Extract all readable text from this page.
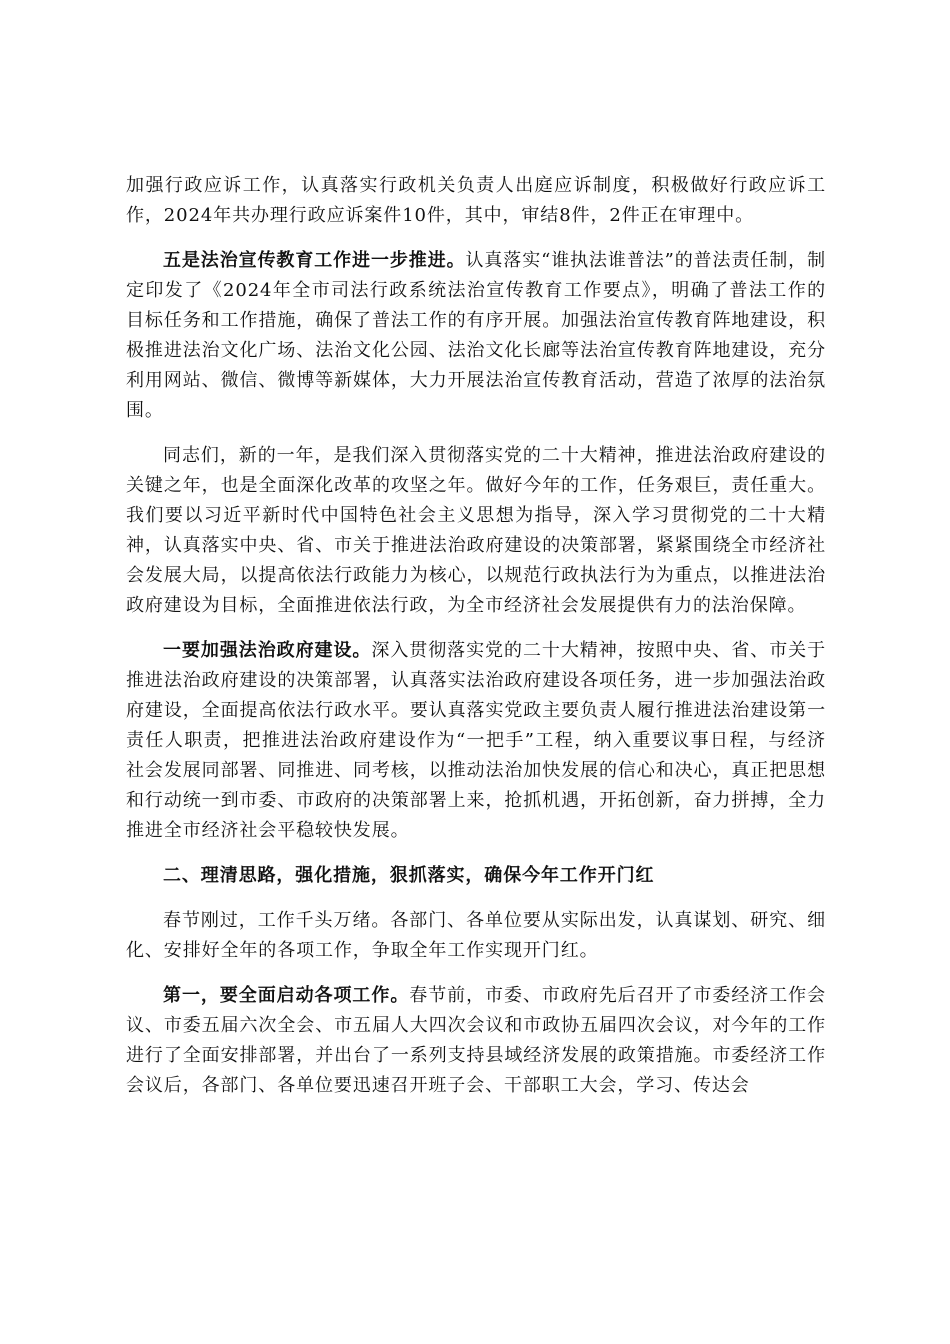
加强行政应诉工作，认真落实行政机关负责人出庭应诉制度，积极做好行政应诉工作，2024年共办理行政应诉案件10件，其中，审结8件，2件正在审理中。

五是法治宣传教育工作进一步推进。认真落实“谁执法谁普法”的普法责任制，制定印发了《2024年全市司法行政系统法治宣传教育工作要点》，明确了普法工作的目标任务和工作措施，确保了普法工作的有序开展。加强法治宣传教育阵地建设，积极推进法治文化广场、法治文化公园、法治文化长廊等法治宣传教育阵地建设，充分利用网站、微信、微博等新媒体，大力开展法治宣传教育活动，营造了浓厚的法治氛围。

同志们，新的一年，是我们深入贯彻落实党的二十大精神，推进法治政府建设的关键之年，也是全面深化改革的攻坚之年。做好今年的工作，任务艰巨，责任重大。我们要以习近平新时代中国特色社会主义思想为指导，深入学习贯彻党的二十大精神，认真落实中央、省、市关于推进法治政府建设的决策部署，紧紧围绕全市经济社会发展大局，以提高依法行政能力为核心，以规范行政执法行为为重点，以推进法治政府建设为目标，全面推进依法行政，为全市经济社会发展提供有力的法治保障。

一要加强法治政府建设。深入贯彻落实党的二十大精神，按照中央、省、市关于推进法治政府建设的决策部署，认真落实法治政府建设各项任务，进一步加强法治政府建设，全面提高依法行政水平。要认真落实党政主要负责人履行推进法治建设第一责任人职责，把推进法治政府建设作为“一把手”工程，纳入重要议事日程，与经济社会发展同部署、同推进、同考核，以推动法治加快发展的信心和决心，真正把思想和行动统一到市委、市政府的决策部署上来，抢抓机遇，开拓创新，奋力拼搏，全力推进全市经济社会平稳较快发展。

二、理清思路，强化措施，狠抓落实，确保今年工作开门红

春节刚过，工作千头万绪。各部门、各单位要从实际出发，认真谋划、研究、细化、安排好全年的各项工作，争取全年工作实现开门红。

第一，要全面启动各项工作。春节前，市委、市政府先后召开了市委经济工作会议、市委五届六次全会、市五届人大四次会议和市政协五届四次会议，对今年的工作进行了全面安排部署，并出台了一系列支持县域经济发展的政策措施。市委经济工作会议后，各部门、各单位要迅速召开班子会、干部职工大会，学习、传达会
